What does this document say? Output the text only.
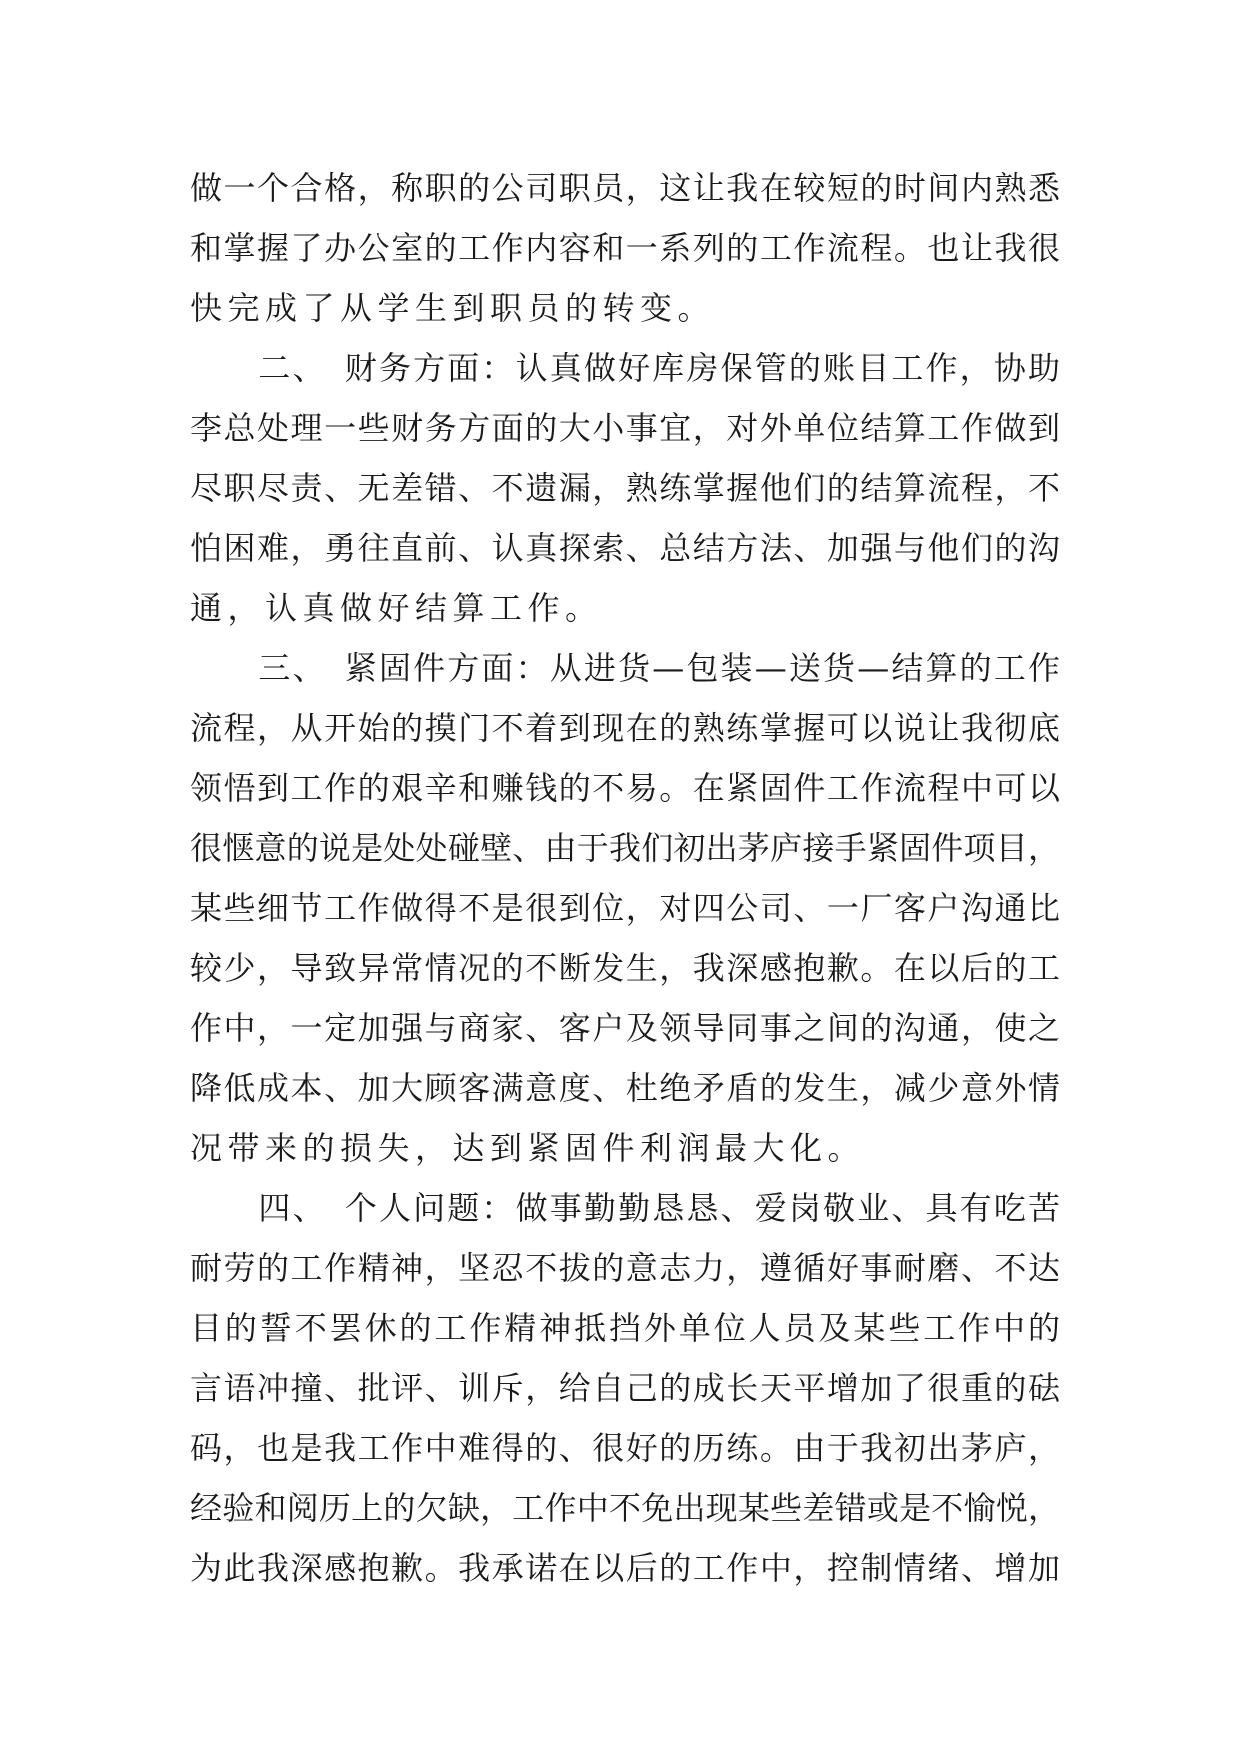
做一个合格，称职的公司职员，这让我在较短的时间内熟悉
和掌握了办公室的工作内容和一系列的工作流程。也让我很
快完成了从学生到职员的转变。
　　二、　财务方面：认真做好库房保管的账目工作，协助
李总处理一些财务方面的大小事宜，对外单位结算工作做到
尽职尽责、无差错、不遗漏，熟练掌握他们的结算流程，不
怕困难，勇往直前、认真探索、总结方法、加强与他们的沟
通，认真做好结算工作。
　　三、　紧固件方面：从进货—包装—送货—结算的工作
流程，从开始的摸门不着到现在的熟练掌握可以说让我彻底
领悟到工作的艰辛和赚钱的不易。在紧固件工作流程中可以
很惬意的说是处处碰壁、由于我们初出茅庐接手紧固件项目，
某些细节工作做得不是很到位，对四公司、一厂客户沟通比
较少，导致异常情况的不断发生，我深感抱歉。在以后的工
作中，一定加强与商家、客户及领导同事之间的沟通，使之
降低成本、加大顾客满意度、杜绝矛盾的发生，减少意外情
况带来的损失，达到紧固件利润最大化。
　　四、　个人问题：做事勤勤恳恳、爱岗敬业、具有吃苦
耐劳的工作精神，坚忍不拔的意志力，遵循好事耐磨、不达
目的誓不罢休的工作精神抵挡外单位人员及某些工作中的
言语冲撞、批评、训斥，给自己的成长天平增加了很重的砝
码，也是我工作中难得的、很好的历练。由于我初出茅庐，
经验和阅历上的欠缺，工作中不免出现某些差错或是不愉悦，
为此我深感抱歉。我承诺在以后的工作中，控制情绪、增加
